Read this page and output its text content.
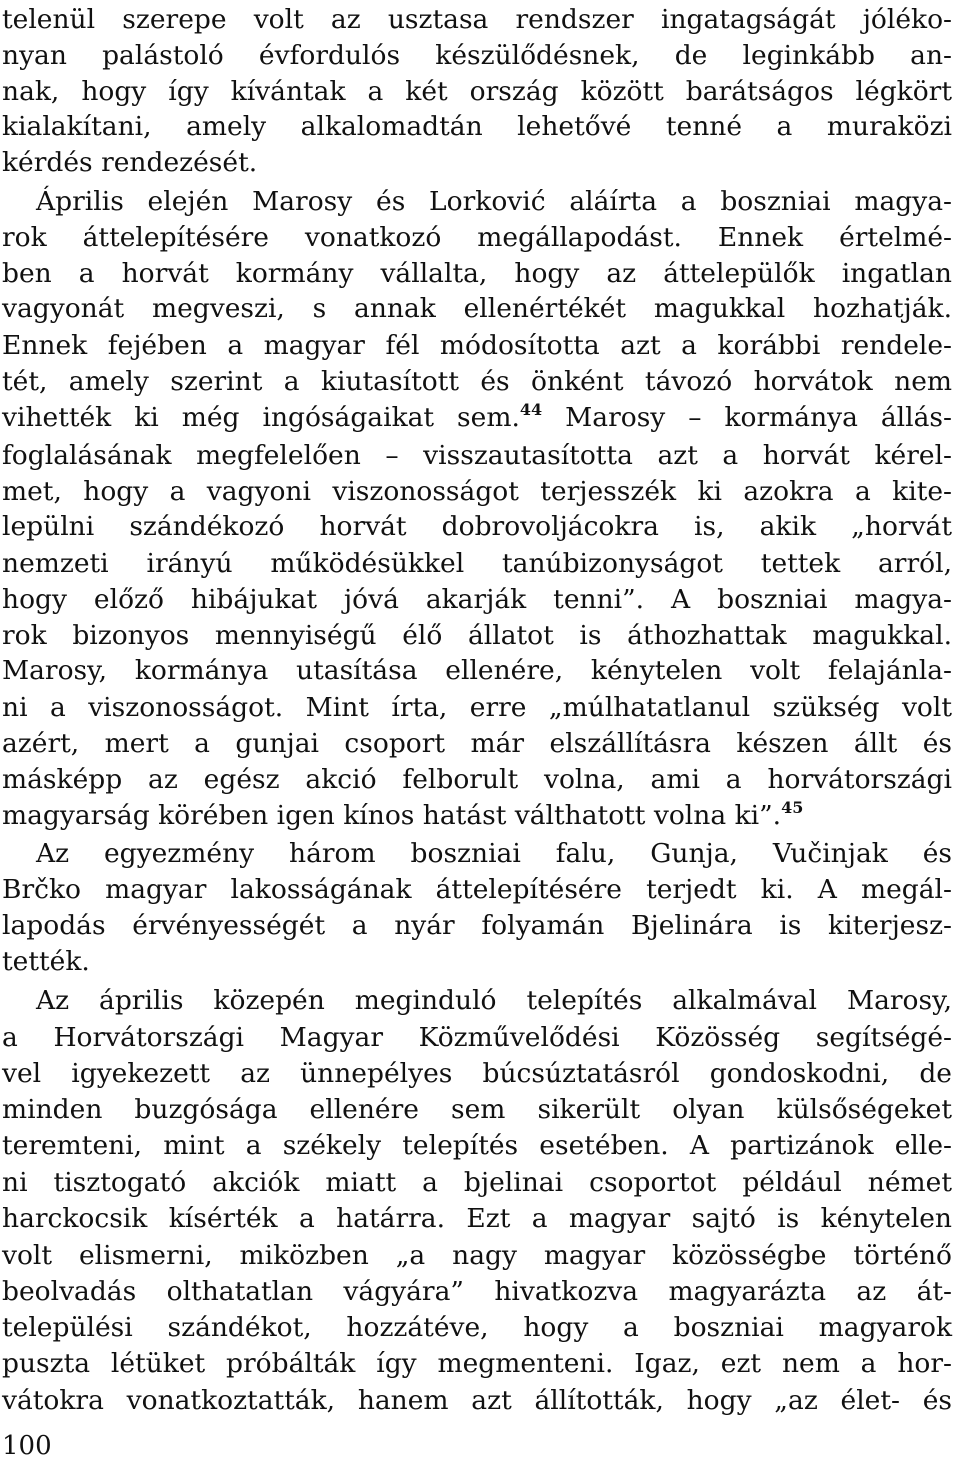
telenül szerepe volt az usztasa rendszer ingatagságát jóléko-
nyan palástoló évfordulós készülődésnek, de leginkább an-
nak, hogy így kívántak a két ország között barátságos légkört
kialakítani, amely alkalomadtán lehetővé tenné a muraközi
kérdés rendezését.
Április elején Marosy és Lorković aláírta a boszniai magya-
rok áttelepítésére vonatkozó megállapodást. Ennek értelmé-
ben a horvát kormány vállalta, hogy az áttelepülők ingatlan
vagyonát megveszi, s annak ellenértékét magukkal hozhatják.
Ennek fejében a magyar fél módosította azt a korábbi rendele-
tét, amely szerint a kiutasított és önként távozó horvátok nem
vihették ki még ingóságaikat sem.$^{44}$ Marosy – kormánya állás-
foglalásának megfelelően – visszautasította azt a horvát kérel-
met, hogy a vagyoni viszonosságot terjesszék ki azokra a kite-
lepülni szándékozó horvát dobrovoljácokra is, akik „horvát
nemzeti irányú működésükkel tanúbizonyságot tettek arról,
hogy előző hibájukat jóvá akarják tenni”. A boszniai magya-
rok bizonyos mennyiségű élő állatot is áthozhattak magukkal.
Marosy, kormánya utasítása ellenére, kénytelen volt felajánla-
ni a viszonosságot. Mint írta, erre „múlhatatlanul szükség volt
azért, mert a gunjai csoport már elszállításra készen állt és
másképp az egész akció felborult volna, ami a horvátországi
magyarság körében igen kínos hatást válthatott volna ki”.$^{45}$
Az egyezmény három boszniai falu, Gunja, Vučinjak és
Brčko magyar lakosságának áttelepítésére terjedt ki. A megál-
lapodás érvényességét a nyár folyamán Bjelinára is kiterjesz-
tették.
Az április közepén meginduló telepítés alkalmával Marosy,
a Horvátországi Magyar Közművelődési Közösség segítségé-
vel igyekezett az ünnepélyes búcsúztatásról gondoskodni, de
minden buzgósága ellenére sem sikerült olyan külsőségeket
teremteni, mint a székely telepítés esetében. A partizánok elle-
ni tisztogató akciók miatt a bjelinai csoportot például német
harckocsik kísérték a határra. Ezt a magyar sajtó is kénytelen
volt elismerni, miközben „a nagy magyar közösségbe történő
beolvadás olthatatlan vágyára” hivatkozva magyarázta az át-
települési szándékot, hozzátéve, hogy a boszniai magyarok
puszta létüket próbálták így megmenteni. Igaz, ezt nem a hor-
vátokra vonatkoztatták, hanem azt állították, hogy „az élet- és
100
